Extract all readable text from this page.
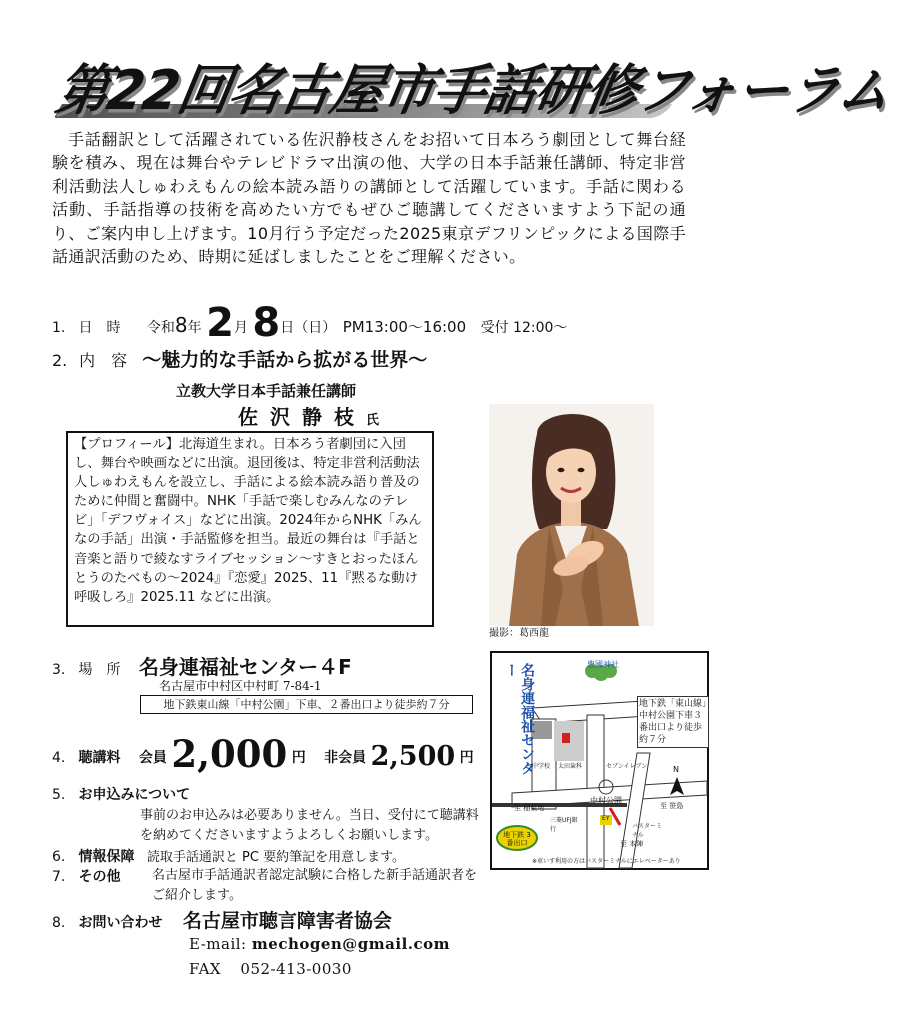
第22回名古屋市手話研修フォーラム
手話翻訳として活躍されている佐沢静枝さんをお招いて日本ろう劇団として舞台経験を積み、現在は舞台やテレビドラマ出演の他、大学の日本手話兼任講師、特定非営利活動法人しゅわえもんの絵本読み語りの講師として活躍しています。手話に関わる活動、手話指導の技術を高めたい方でもぜひご聴講してくださいますよう下記の通り、ご案内申し上げます。10月行う予定だった2025東京デフリンピックによる国際手話通訳活動のため、時期に延ばしましたことをご理解ください。
1. 日　時 令和8年 2月 8日（日） PM13:00～16:00 受付 12:00～
2. 内　容 ～魅力的な手話から拡がる世界～
立教大学日本手話兼任講師
佐沢静枝氏
【プロフィール】北海道生まれ。日本ろう者劇団に入団し、舞台や映画などに出演。退団後は、特定非営利活動法人しゅわえもんを設立し、手話による絵本読み語り普及のために仲間と奮闘中。NHK「手話で楽しむみんなのテレビ」「デフヴォイス」などに出演。2024年からNHK「みんなの手話」出演・手話監修を担当。最近の舞台は『手話と音楽と語りで綾なすライブセッション～すきとおったほんとうのたべもの～2024』『恋愛』2025、11『黙るな動け呼吸しろ』2025.11 などに出演。
撮影：葛西龍
3. 場　所 名身連福祉センター４F
名古屋市中村区中村町 7-84-1
地下鉄東山線「中村公園」下車、２番出口より徒歩約７分	名身連福祉センター	豊國神社
地下鉄「東山線」中村公園下車３番出口より徒歩約７分
セブンイレブン
太田歯科
中学校
至 稲葉地
中村公園
至 笹島
三菱UFJ銀行	バスターミナル
EY
至 本陣
地下鉄 3番出口
N
※車いす利用の方はバスターミナルにエレベーターあり
4. 聴講料 会員 2,000 円 非会員 2,500 円
5. お申込みについて
事前のお申込みは必要ありません。当日、受付にて聴講料を納めてくださいますようよろしくお願いします。
6. 情報保障 読取手話通訳と PC 要約筆記を用意します。
7. その他 名古屋市手話通訳者認定試験に合格した新手話通訳者をご紹介します。
8. お問い合わせ 名古屋市聴言障害者協会
E-mail: mechogen@gmail.com
FAX 052-413-0030
